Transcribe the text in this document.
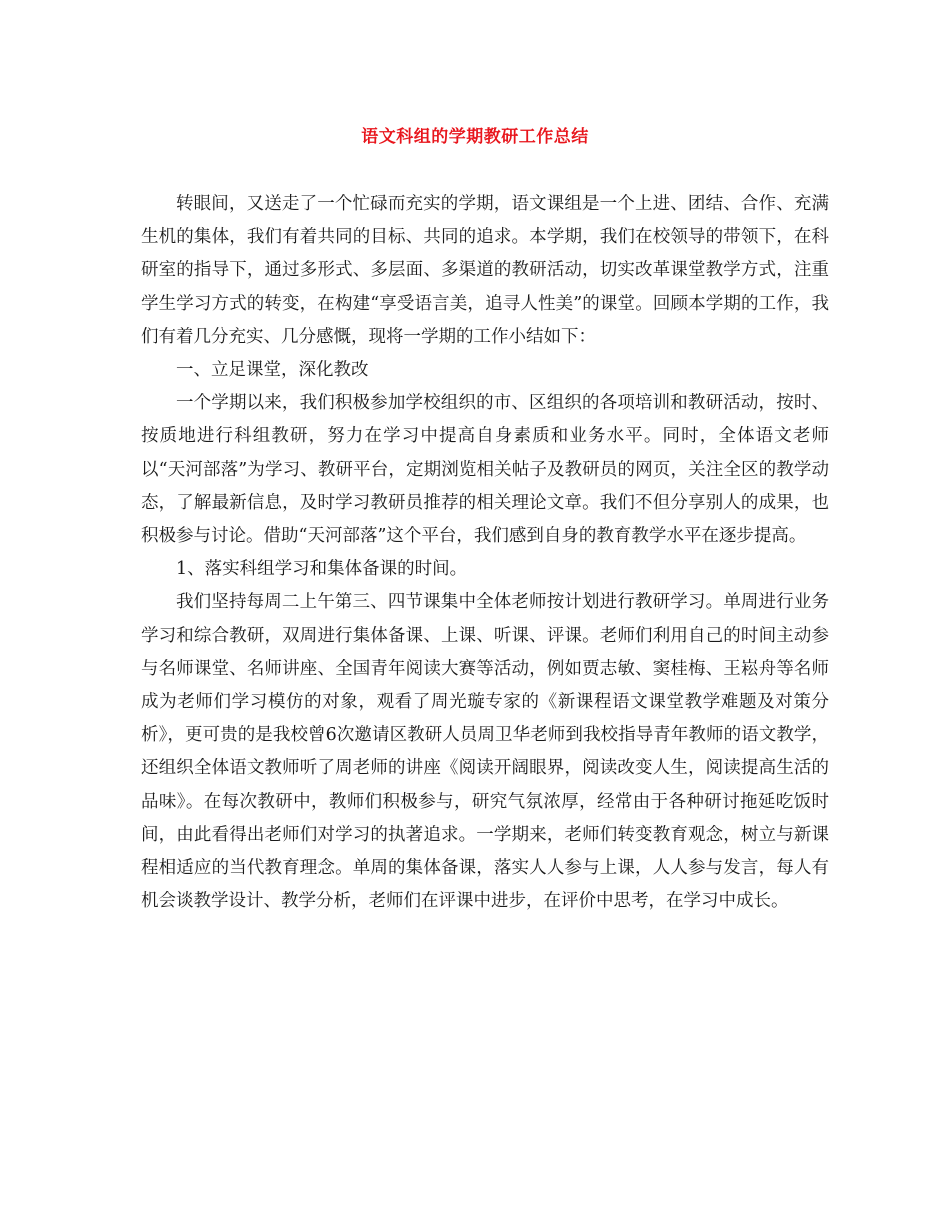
语文科组的学期教研工作总结

转眼间，又送走了一个忙碌而充实的学期，语文课组是一个上进、团结、合作、充满生机的集体，我们有着共同的目标、共同的追求。本学期，我们在校领导的带领下，在科研室的指导下，通过多形式、多层面、多渠道的教研活动，切实改革课堂教学方式，注重学生学习方式的转变，在构建“享受语言美，追寻人性美”的课堂。回顾本学期的工作，我们有着几分充实、几分感慨，现将一学期的工作小结如下：

一、立足课堂，深化教改

一个学期以来，我们积极参加学校组织的市、区组织的各项培训和教研活动，按时、按质地进行科组教研，努力在学习中提高自身素质和业务水平。同时，全体语文老师以“天河部落”为学习、教研平台，定期浏览相关帖子及教研员的网页，关注全区的教学动态，了解最新信息，及时学习教研员推荐的相关理论文章。我们不但分享别人的成果，也积极参与讨论。借助“天河部落”这个平台，我们感到自身的教育教学水平在逐步提高。

1、落实科组学习和集体备课的时间。

我们坚持每周二上午第三、四节课集中全体老师按计划进行教研学习。单周进行业务学习和综合教研，双周进行集体备课、上课、听课、评课。老师们利用自己的时间主动参与名师课堂、名师讲座、全国青年阅读大赛等活动，例如贾志敏、窦桂梅、王崧舟等名师成为老师们学习模仿的对象，观看了周光璇专家的《新课程语文课堂教学难题及对策分析》，更可贵的是我校曾6次邀请区教研人员周卫华老师到我校指导青年教师的语文教学，还组织全体语文教师听了周老师的讲座《阅读开阔眼界，阅读改变人生，阅读提高生活的品味》。在每次教研中，教师们积极参与，研究气氛浓厚，经常由于各种研讨拖延吃饭时间，由此看得出老师们对学习的执著追求。一学期来，老师们转变教育观念，树立与新课程相适应的当代教育理念。单周的集体备课，落实人人参与上课，人人参与发言，每人有机会谈教学设计、教学分析，老师们在评课中进步，在评价中思考，在学习中成长。
